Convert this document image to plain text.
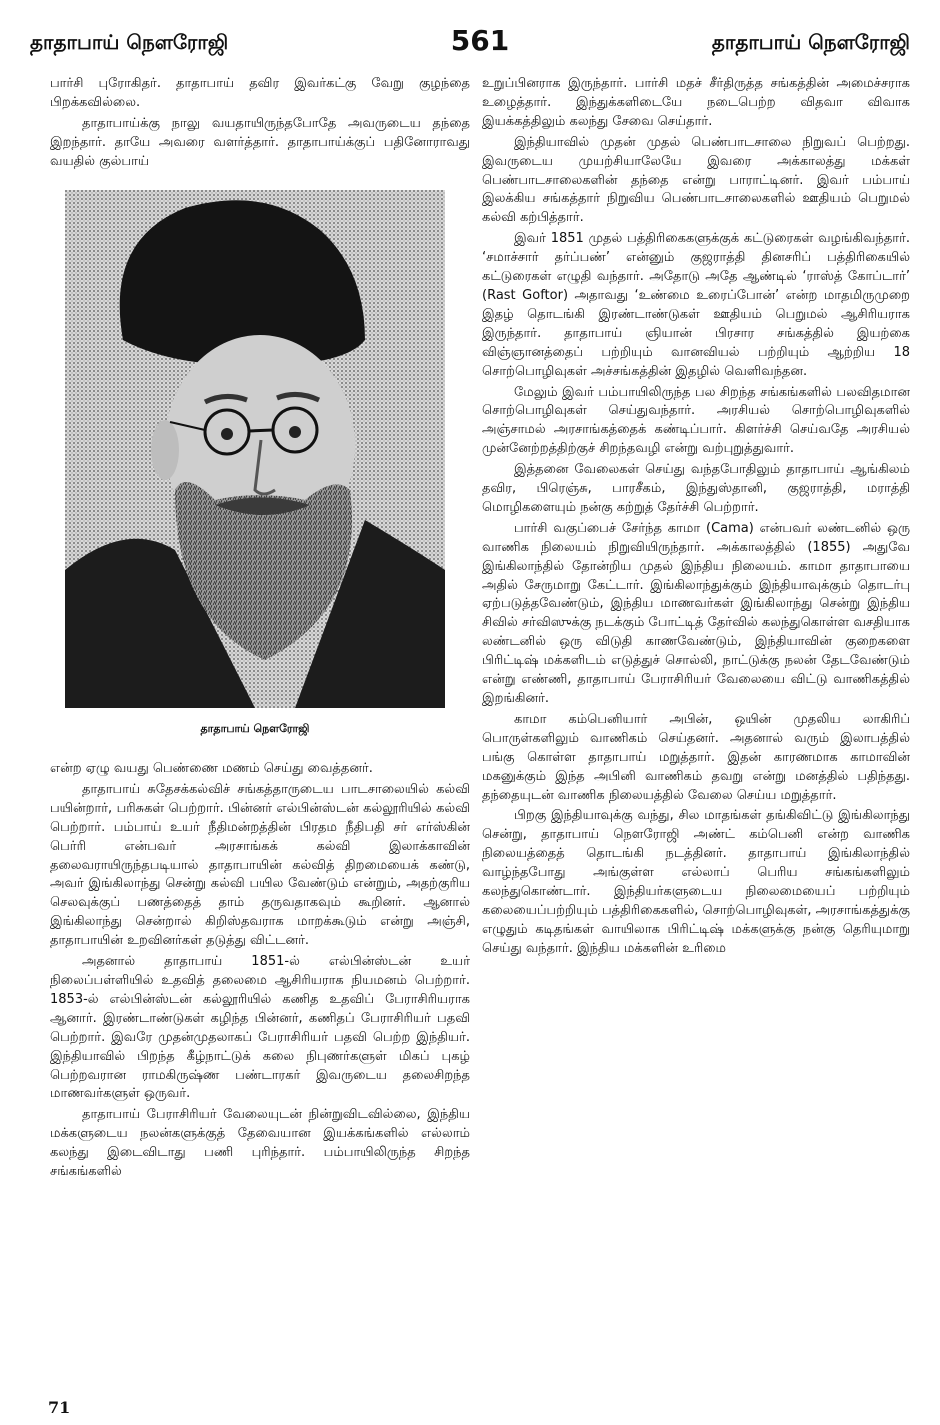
தாதாபாய் நௌரோஜி	561	தாதாபாய் நௌரோஜி

பார்சி புரோகிதர். தாதாபாய் தவிர இவர்கட்கு வேறு குழந்தை பிறக்கவில்லை.

தாதாபாய்க்கு நாலு வயதாயிருந்தபோதே அவருடைய தந்தை இறந்தார். தாயே அவரை வளர்த்தார். தாதாபாய்க்குப் பதினோராவது வயதில் குல்பாய்

தாதாபாய் நௌரோஜி

என்ற ஏழு வயது பெண்ணை மணம் செய்து வைத்தனர்.

தாதாபாய் சுதேசக்கல்விச் சங்கத்தாருடைய பாடசாலையில் கல்வி பயின்றார், பரிசுகள் பெற்றார். பின்னர் எல்பின்ஸ்டன் கல்லூரியில் கல்வி பெற்றார். பம்பாய் உயர் நீதிமன்றத்தின் பிரதம நீதிபதி சர் எர்ஸ்கின் பெர்ரி என்பவர் அரசாங்கக் கல்வி இலாக்காவின் தலைவராயிருந்தபடியால் தாதாபாயின் கல்வித் திறமையைக் கண்டு, அவர் இங்கிலாந்து சென்று கல்வி பயில வேண்டும் என்றும், அதற்குரிய செலவுக்குப் பணத்தைத் தாம் தருவதாகவும் கூறினர். ஆனால் இங்கிலாந்து சென்றால் கிறிஸ்தவராக மாறக்கூடும் என்று அஞ்சி, தாதாபாயின் உறவினர்கள் தடுத்து விட்டனர்.

அதனால் தாதாபாய் 1851-ல் எல்பின்ஸ்டன் உயர் நிலைப்பள்ளியில் உதவித் தலைமை ஆசிரியராக நியமனம் பெற்றார். 1853-ல் எல்பின்ஸ்டன் கல்லூரியில் கணித உதவிப் பேராசிரியராக ஆனார். இரண்டாண்டுகள் கழிந்த பின்னர், கணிதப் பேராசிரியர் பதவி பெற்றார். இவரே முதன்முதலாகப் பேராசிரியர் பதவி பெற்ற இந்தியர். இந்தியாவில் பிறந்த கீழ்நாட்டுக் கலை நிபுணர்களுள் மிகப் புகழ் பெற்றவரான ராமகிருஷ்ண பண்டாரகர் இவருடைய தலைசிறந்த மாணவர்களுள் ஒருவர்.

தாதாபாய் பேராசிரியர் வேலையுடன் நின்றுவிடவில்லை, இந்திய மக்களுடைய நலன்களுக்குத் தேவையான இயக்கங்களில் எல்லாம் கலந்து இடைவிடாது பணி புரிந்தார். பம்பாயிலிருந்த சிறந்த சங்கங்களில்

உறுப்பினராக இருந்தார். பார்சி மதச் சீர்திருத்த சங்கத்தின் அமைச்சராக உழைத்தார். இந்துக்களிடையே நடைபெற்ற விதவா விவாக இயக்கத்திலும் கலந்து சேவை செய்தார்.

இந்தியாவில் முதன் முதல் பெண்பாடசாலை நிறுவப் பெற்றது. இவருடைய முயற்சியாலேயே இவரை அக்காலத்து மக்கள் பெண்பாடசாலைகளின் தந்தை என்று பாராட்டினர். இவர் பம்பாய் இலக்கிய சங்கத்தார் நிறுவிய பெண்பாடசாலைகளில் ஊதியம் பெறுமல் கல்வி கற்பித்தார்.

இவர் 1851 முதல் பத்திரிகைகளுக்குக் கட்டுரைகள் வழங்கிவந்தார். ‘சமாச்சார் தர்ப்பண்’ என்னும் குஜராத்தி தினசரிப் பத்திரிகையில் கட்டுரைகள் எழுதி வந்தார். அதோடு அதே ஆண்டில் ‘ராஸ்த் கோப்டார்’ (Rast Goftor) அதாவது ‘உண்மை உரைப்போன்’ என்ற மாதமிருமுறை இதழ் தொடங்கி இரண்டாண்டுகள் ஊதியம் பெறுமல் ஆசிரியராக இருந்தார். தாதாபாய் ஞியான் பிரசார சங்கத்தில் இயற்கை விஞ்ஞானத்தைப் பற்றியும் வானவியல் பற்றியும் ஆற்றிய 18 சொற்பொழிவுகள் அச்சங்கத்தின் இதழில் வெளிவந்தன.

மேலும் இவர் பம்பாயிலிருந்த பல சிறந்த சங்கங்களில் பலவிதமான சொற்பொழிவுகள் செய்துவந்தார். அரசியல் சொற்பொழிவுகளில் அஞ்சாமல் அரசாங்கத்தைக் கண்டிப்பார். கிளர்ச்சி செய்வதே அரசியல் முன்னேற்றத்திற்குச் சிறந்தவழி என்று வற்புறுத்துவார்.

இத்தனை வேலைகள் செய்து வந்தபோதிலும் தாதாபாய் ஆங்கிலம் தவிர, பிரெஞ்சு, பாரசீகம், இந்துஸ்தானி, குஜராத்தி, மராத்தி மொழிகளையும் நன்கு கற்றுத் தேர்ச்சி பெற்றார்.

பார்சி வகுப்பைச் சேர்ந்த காமா (Cama) என்பவர் லண்டனில் ஒரு வாணிக நிலையம் நிறுவியிருந்தார். அக்காலத்தில் (1855) அதுவே இங்கிலாந்தில் தோன்றிய முதல் இந்திய நிலையம். காமா தாதாபாயை அதில் சேருமாறு கேட்டார். இங்கிலாந்துக்கும் இந்தியாவுக்கும் தொடர்பு ஏற்படுத்தவேண்டும், இந்திய மாணவர்கள் இங்கிலாந்து சென்று இந்திய சிவில் சர்விஸுக்கு நடக்கும் போட்டித் தேர்வில் கலந்துகொள்ள வசதியாக லண்டனில் ஒரு விடுதி காணவேண்டும், இந்தியாவின் குறைகளை பிரிட்டிஷ் மக்களிடம் எடுத்துச் சொல்லி, நாட்டுக்கு நலன் தேடவேண்டும் என்று எண்ணி, தாதாபாய் பேராசிரியர் வேலையை விட்டு வாணிகத்தில் இறங்கினர்.

காமா கம்பெனியார் அபின், ஒயின் முதலிய லாகிரிப் பொருள்களிலும் வாணிகம் செய்தனர். அதனால் வரும் இலாபத்தில் பங்கு கொள்ள தாதாபாய் மறுத்தார். இதன் காரணமாக காமாவின் மகனுக்கும் இந்த அபினி வாணிகம் தவறு என்று மனத்தில் பதிந்தது. தந்தையுடன் வாணிக நிலையத்தில் வேலை செய்ய மறுத்தார்.

பிறகு இந்தியாவுக்கு வந்து, சில மாதங்கள் தங்கிவிட்டு இங்கிலாந்து சென்று, தாதாபாய் நௌரோஜி அண்ட் கம்பெனி என்ற வாணிக நிலையத்தைத் தொடங்கி நடத்தினர். தாதாபாய் இங்கிலாந்தில் வாழ்ந்தபோது அங்குள்ள எல்லாப் பெரிய சங்கங்களிலும் கலந்துகொண்டார். இந்தியர்களுடைய நிலைமையைப் பற்றியும் கலையைப்பற்றியும் பத்திரிகைகளில், சொற்பொழிவுகள், அரசாங்கத்துக்கு எழுதும் கடிதங்கள் வாயிலாக பிரிட்டிஷ் மக்களுக்கு நன்கு தெரியுமாறு செய்து வந்தார். இந்திய மக்களின் உரிமை

71
